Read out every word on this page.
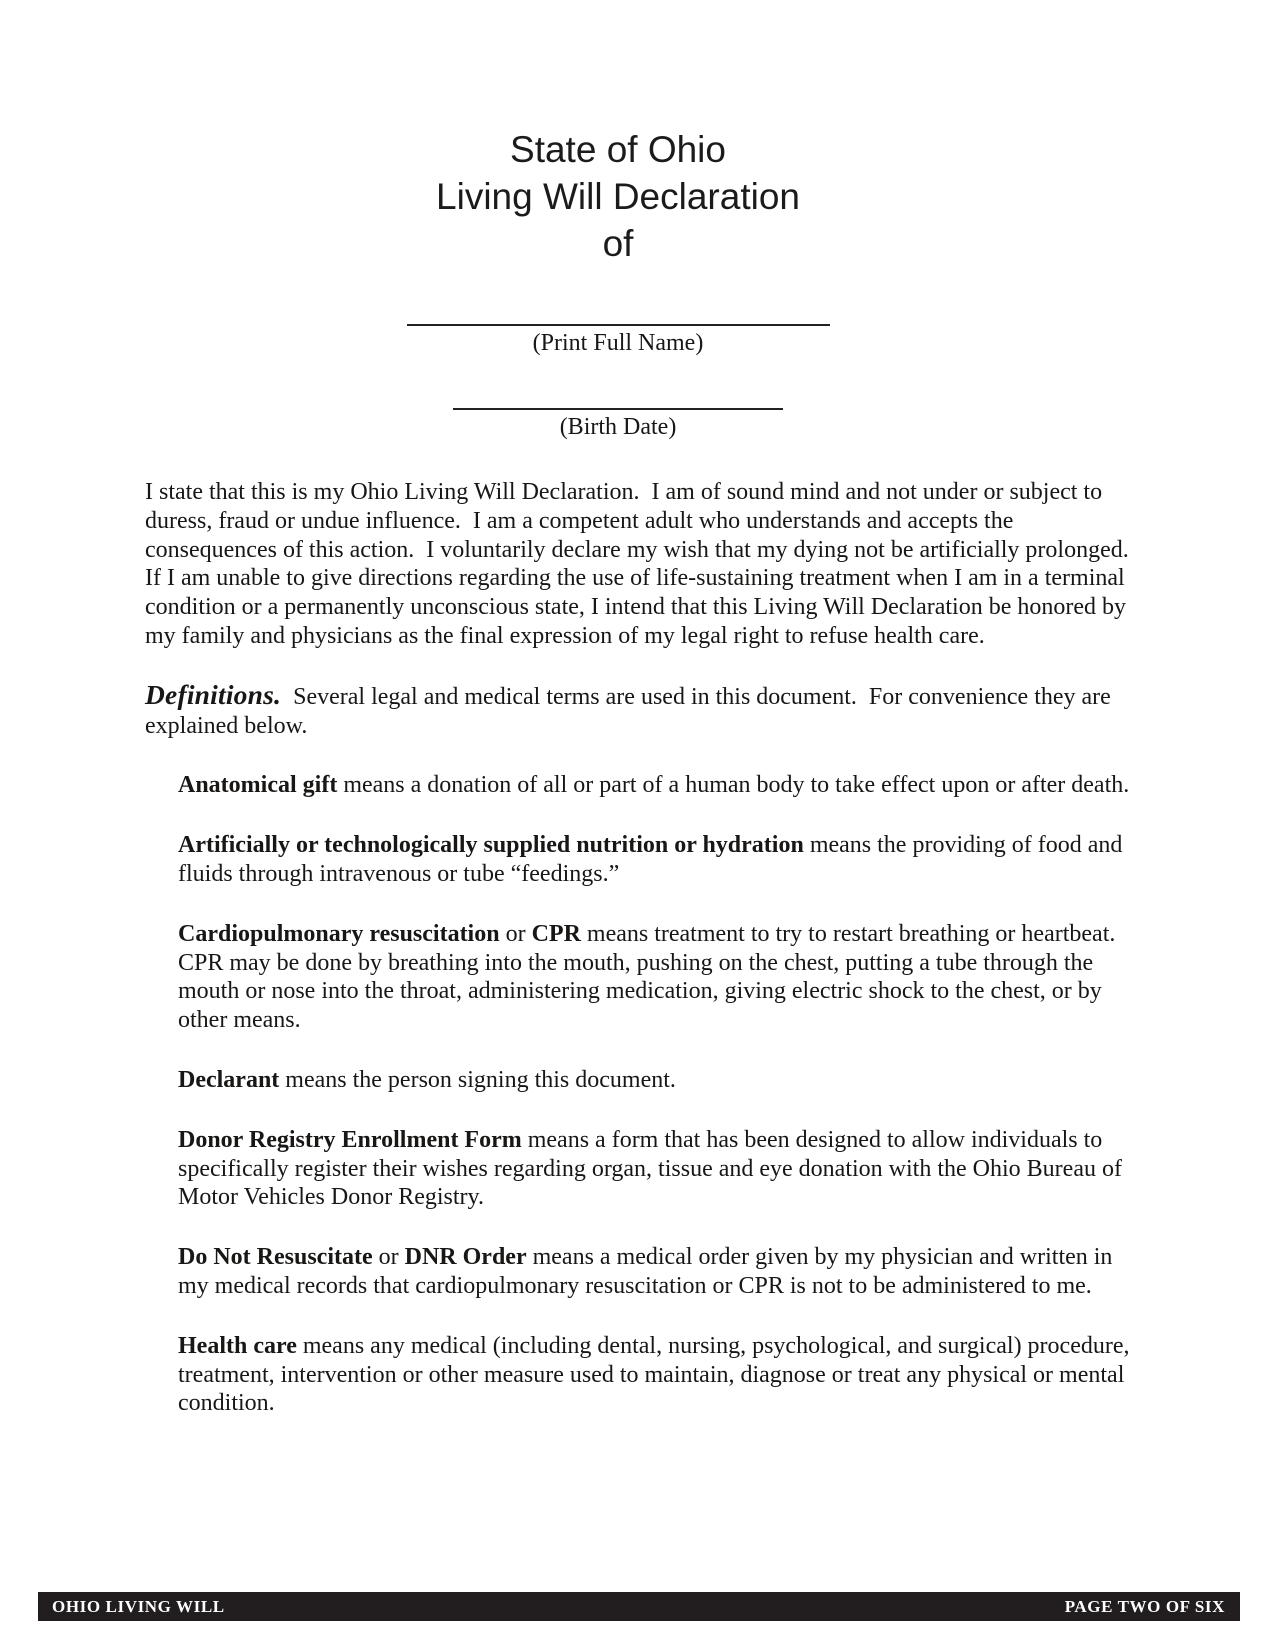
State of Ohio
Living Will Declaration
of
(Print Full Name)
(Birth Date)

I state that this is my Ohio Living Will Declaration.  I am of sound mind and not under or subject to duress, fraud or undue influence.  I am a competent adult who understands and accepts the consequences of this action.  I voluntarily declare my wish that my dying not be artificially prolonged. If I am unable to give directions regarding the use of life-sustaining treatment when I am in a terminal condition or a permanently unconscious state, I intend that this Living Will Declaration be honored by my family and physicians as the final expression of my legal right to refuse health care.

Definitions.  Several legal and medical terms are used in this document.  For convenience they are explained below.

Anatomical gift means a donation of all or part of a human body to take effect upon or after death.

Artificially or technologically supplied nutrition or hydration means the providing of food and fluids through intravenous or tube “feedings.”

Cardiopulmonary resuscitation or CPR means treatment to try to restart breathing or heartbeat.  CPR may be done by breathing into the mouth, pushing on the chest, putting a tube through the mouth or nose into the throat, administering medication, giving electric shock to the chest, or by other means.

Declarant means the person signing this document.

Donor Registry Enrollment Form means a form that has been designed to allow individuals to specifically register their wishes regarding organ, tissue and eye donation with the Ohio Bureau of Motor Vehicles Donor Registry.

Do Not Resuscitate or DNR Order means a medical order given by my physician and written in my medical records that cardiopulmonary resuscitation or CPR is not to be administered to me.

Health care means any medical (including dental, nursing, psychological, and surgical) procedure, treatment, intervention or other measure used to maintain, diagnose or treat any physical or mental condition.

OHIO LIVING WILL	PAGE TWO OF SIX
